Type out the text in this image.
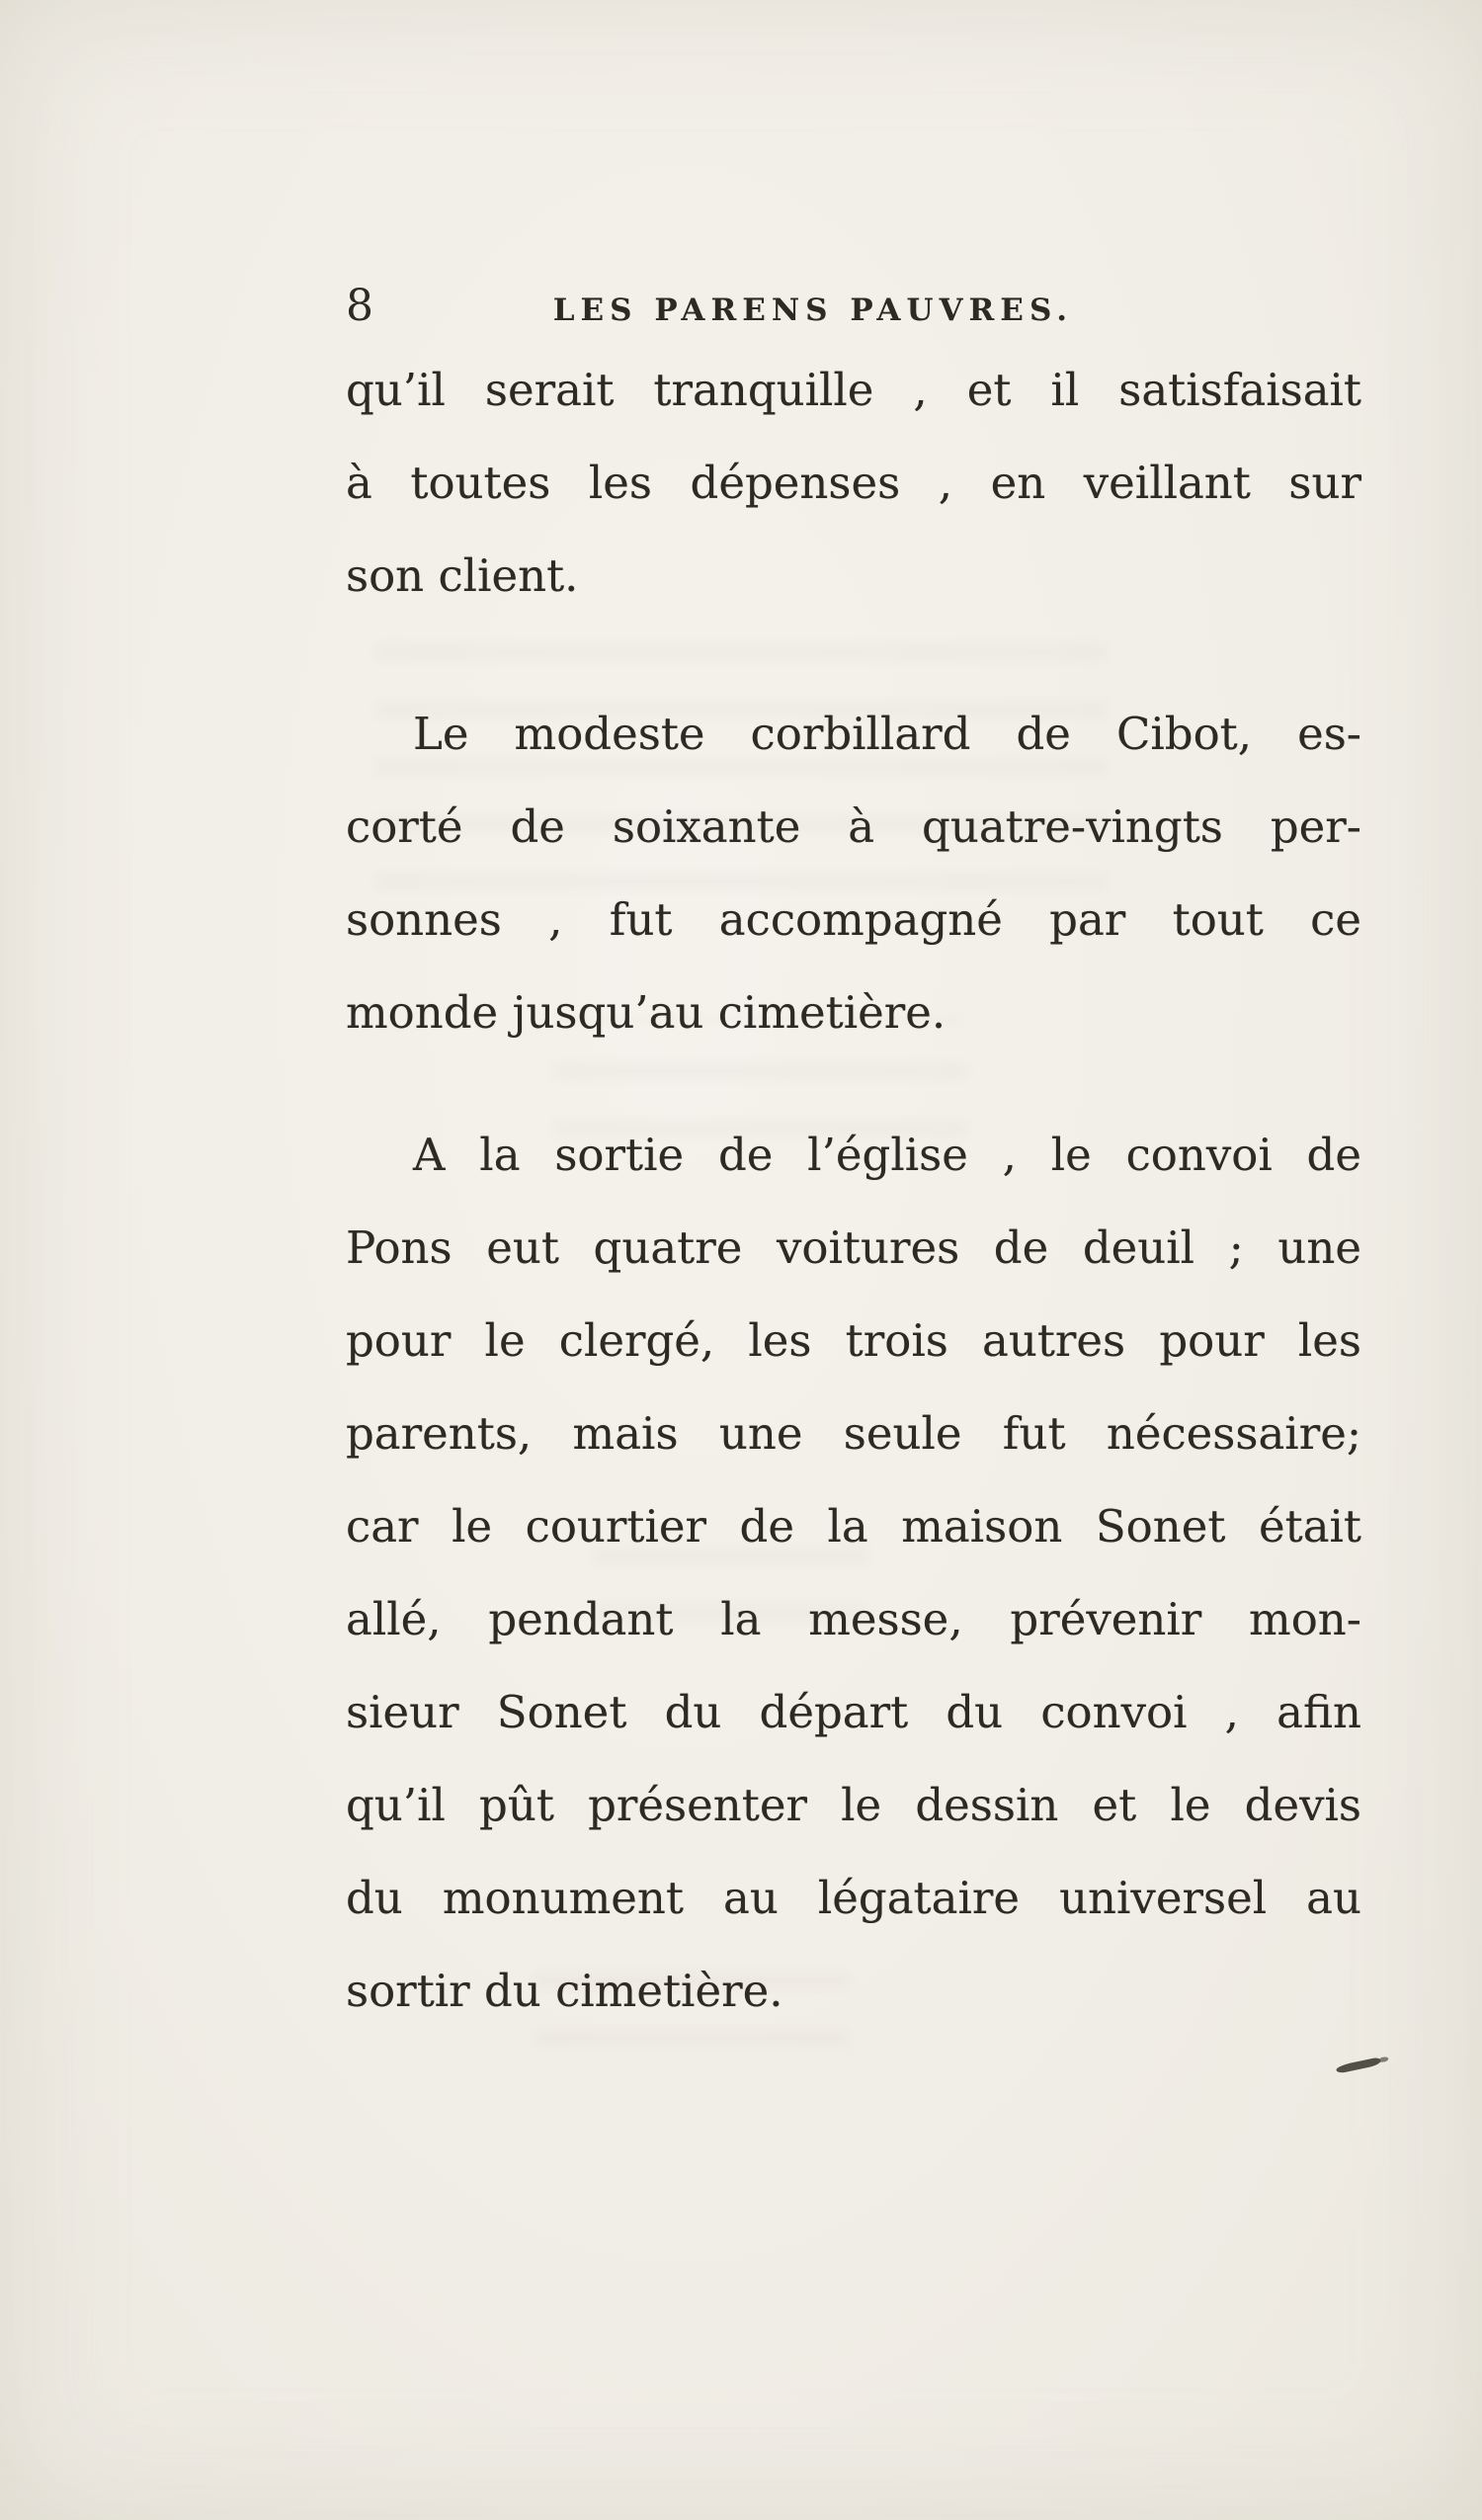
8	LES PARENS PAUVRES.
qu’il serait tranquille , et il satisfaisait
à toutes les dépenses , en veillant sur
son client.
Le modeste corbillard de Cibot, es-
corté de soixante à quatre-vingts per-
sonnes , fut accompagné par tout ce
monde jusqu’au cimetière.
A la sortie de l’église , le convoi de
Pons eut quatre voitures de deuil ; une
pour le clergé, les trois autres pour les
parents, mais une seule fut nécessaire;
car le courtier de la maison Sonet était
allé, pendant la messe, prévenir mon-
sieur Sonet du départ du convoi , afin
qu’il pût présenter le dessin et le devis
du monument au légataire universel au
sortir du cimetière.
